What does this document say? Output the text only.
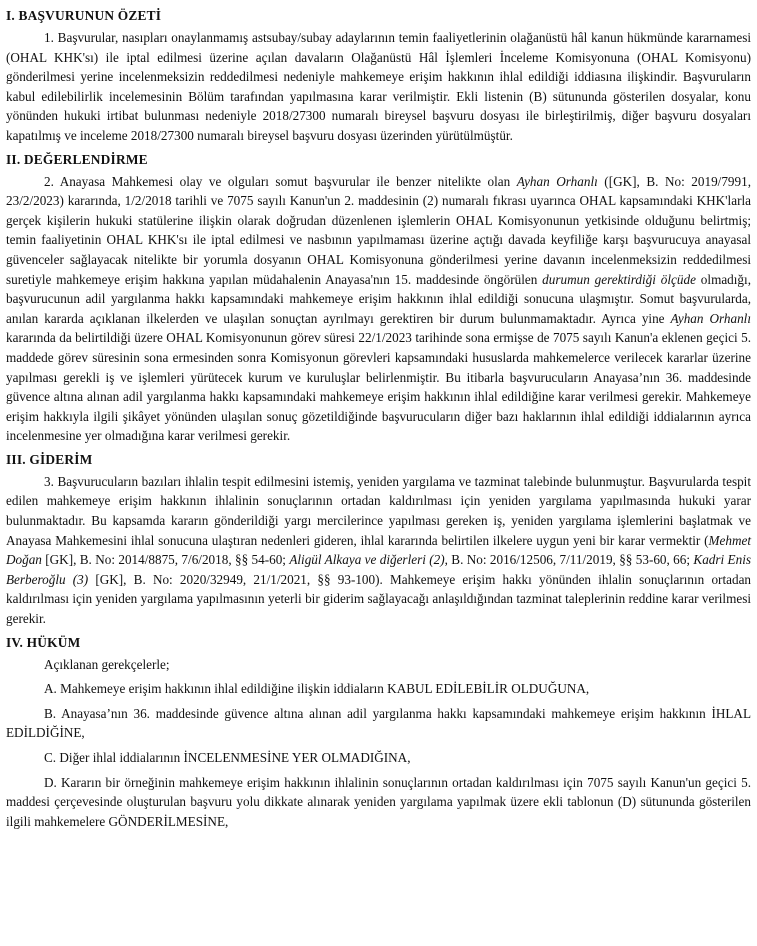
I. BAŞVURUNUN ÖZETİ

1. Başvurular, nasıpları onaylanmamış astsubay/subay adaylarının temin faaliyetlerinin olağanüstü hâl kanun hükmünde kararnamesi (OHAL KHK'sı) ile iptal edilmesi üzerine açılan davaların Olağanüstü Hâl İşlemleri İnceleme Komisyonuna (OHAL Komisyonu) gönderilmesi yerine incelenmeksizin reddedilmesi nedeniyle mahkemeye erişim hakkının ihlal edildiği iddiasına ilişkindir. Başvuruların kabul edilebilirlik incelemesinin Bölüm tarafından yapılmasına karar verilmiştir. Ekli listenin (B) sütununda gösterilen dosyalar, konu yönünden hukuki irtibat bulunması nedeniyle 2018/27300 numaralı bireysel başvuru dosyası ile birleştirilmiş, diğer başvuru dosyaları kapatılmış ve inceleme 2018/27300 numaralı bireysel başvuru dosyası üzerinden yürütülmüştür.

II. DEĞERLENDİRME

2. Anayasa Mahkemesi olay ve olguları somut başvurular ile benzer nitelikte olan Ayhan Orhanlı ([GK], B. No: 2019/7991, 23/2/2023) kararında, 1/2/2018 tarihli ve 7075 sayılı Kanun'un 2. maddesinin (2) numaralı fıkrası uyarınca OHAL kapsamındaki KHK'larla gerçek kişilerin hukuki statülerine ilişkin olarak doğrudan düzenlenen işlemlerin OHAL Komisyonunun yetkisinde olduğunu belirtmiş; temin faaliyetinin OHAL KHK'sı ile iptal edilmesi ve nasbının yapılmaması üzerine açtığı davada keyfiliğe karşı başvurucuya anayasal güvenceler sağlayacak nitelikte bir yorumla dosyanın OHAL Komisyonuna gönderilmesi yerine davanın incelenmeksizin reddedilmesi suretiyle mahkemeye erişim hakkına yapılan müdahalenin Anayasa'nın 15. maddesinde öngörülen durumun gerektirdiği ölçüde olmadığı, başvurucunun adil yargılanma hakkı kapsamındaki mahkemeye erişim hakkının ihlal edildiği sonucuna ulaşmıştır. Somut başvurularda, anılan kararda açıklanan ilkelerden ve ulaşılan sonuçtan ayrılmayı gerektiren bir durum bulunmamaktadır. Ayrıca yine Ayhan Orhanlı kararında da belirtildiği üzere OHAL Komisyonunun görev süresi 22/1/2023 tarihinde sona ermişse de 7075 sayılı Kanun'a eklenen geçici 5. maddede görev süresinin sona ermesinden sonra Komisyonun görevleri kapsamındaki hususlarda mahkemelerce verilecek kararlar üzerine yapılması gerekli iş ve işlemleri yürütecek kurum ve kuruluşlar belirlenmiştir. Bu itibarla başvurucuların Anayasa’nın 36. maddesinde güvence altına alınan adil yargılanma hakkı kapsamındaki mahkemeye erişim hakkının ihlal edildiğine karar verilmesi gerekir. Mahkemeye erişim hakkıyla ilgili şikâyet yönünden ulaşılan sonuç gözetildiğinde başvurucuların diğer bazı haklarının ihlal edildiği iddialarının ayrıca incelenmesine yer olmadığına karar verilmesi gerekir.

III. GİDERİM

3. Başvurucuların bazıları ihlalin tespit edilmesini istemiş, yeniden yargılama ve tazminat talebinde bulunmuştur. Başvurularda tespit edilen mahkemeye erişim hakkının ihlalinin sonuçlarının ortadan kaldırılması için yeniden yargılama yapılmasında hukuki yarar bulunmaktadır. Bu kapsamda kararın gönderildiği yargı mercilerince yapılması gereken iş, yeniden yargılama işlemlerini başlatmak ve Anayasa Mahkemesini ihlal sonucuna ulaştıran nedenleri gideren, ihlal kararında belirtilen ilkelere uygun yeni bir karar vermektir (Mehmet Doğan [GK], B. No: 2014/8875, 7/6/2018, §§ 54-60; Aligül Alkaya ve diğerleri (2), B. No: 2016/12506, 7/11/2019, §§ 53-60, 66; Kadri Enis Berberoğlu (3) [GK], B. No: 2020/32949, 21/1/2021, §§ 93-100). Mahkemeye erişim hakkı yönünden ihlalin sonuçlarının ortadan kaldırılması için yeniden yargılama yapılmasının yeterli bir giderim sağlayacağı anlaşıldığından tazminat taleplerinin reddine karar verilmesi gerekir.

IV. HÜKÜM

Açıklanan gerekçelerle;

A. Mahkemeye erişim hakkının ihlal edildiğine ilişkin iddiaların KABUL EDİLEBİLİR OLDUĞUNA,

B. Anayasa’nın 36. maddesinde güvence altına alınan adil yargılanma hakkı kapsamındaki mahkemeye erişim hakkının İHLAL EDİLDİĞİNE,

C. Diğer ihlal iddialarının İNCELENMESİNE YER OLMADIĞINA,

D. Kararın bir örneğinin mahkemeye erişim hakkının ihlalinin sonuçlarının ortadan kaldırılması için 7075 sayılı Kanun'un geçici 5. maddesi çerçevesinde oluşturulan başvuru yolu dikkate alınarak yeniden yargılama yapılmak üzere ekli tablonun (D) sütununda gösterilen ilgili mahkemelere GÖNDERİLMESİNE,
